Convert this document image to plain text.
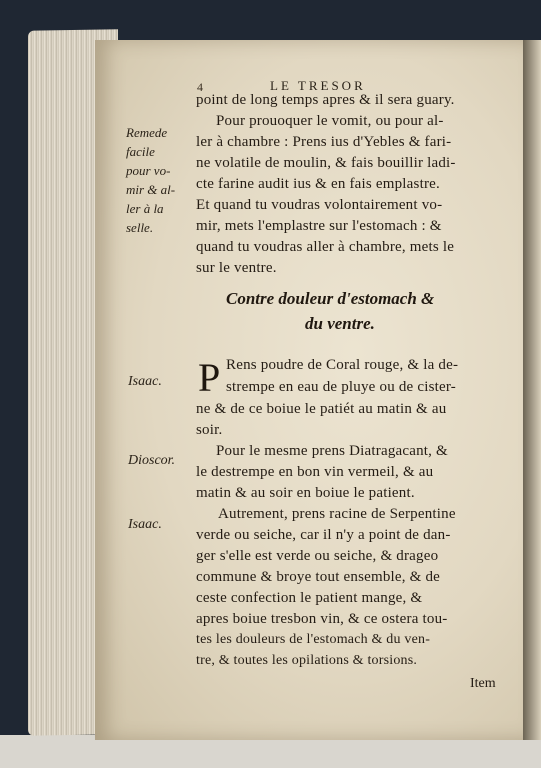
4	LE TRESOR
Remede
facile
pour vo-
mir & al-
ler à la
selle.
point de long temps apres & il sera guary.
Pour prouoquer le vomit, ou pour al-
ler à chambre : Prens ius d'Yebles & fari-
ne volatile de moulin, & fais bouillir ladi-
cte farine audit ius & en fais emplastre.
Et quand tu voudras volontairement vo-
mir, mets l'emplastre sur l'estomach : &
quand tu voudras aller à chambre, mets le
sur le ventre.
Contre douleur d'estomach &
du ventre.
Isaac.
Dioscor.
Isaac.
P Rens poudre de Coral rouge, & la de-
strempe en eau de pluye ou de cister-
ne & de ce boiue le patiét au matin & au
soir.
Pour le mesme prens Diatragacant, &
le destrempe en bon vin vermeil, & au
matin & au soir en boiue le patient.
Autrement, prens racine de Serpentine
verde ou seiche, car il n'y a point de dan-
ger s'elle est verde ou seiche, & drageo
commune & broye tout ensemble, & de
ceste confection le patient mange, &
apres boiue tresbon vin, & ce ostera tou-
tes les douleurs de l'estomach & du ven-
tre, & toutes les opilations & torsions.
Item
